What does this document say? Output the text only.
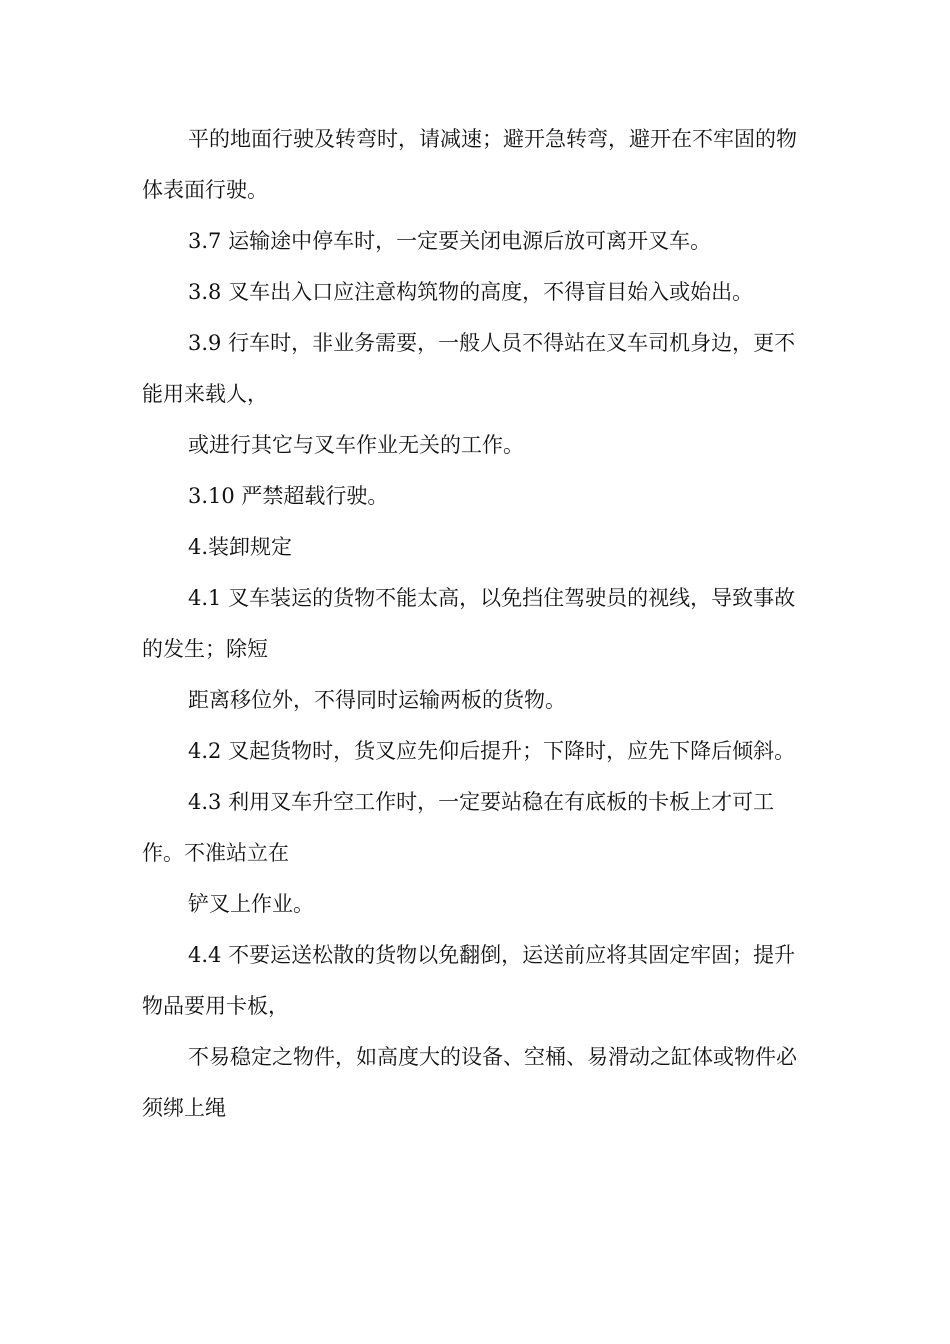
平的地面行驶及转弯时，请减速；避开急转弯，避开在不牢固的物体表面行驶。

3.7 运输途中停车时，一定要关闭电源后放可离开叉车。

3.8 叉车出入口应注意构筑物的高度，不得盲目始入或始出。

3.9 行车时，非业务需要，一般人员不得站在叉车司机身边，更不能用来载人，

或进行其它与叉车作业无关的工作。

3.10 严禁超载行驶。

4.装卸规定

4.1 叉车装运的货物不能太高，以免挡住驾驶员的视线，导致事故的发生；除短

距离移位外，不得同时运输两板的货物。

4.2 叉起货物时，货叉应先仰后提升；下降时，应先下降后倾斜。

4.3 利用叉车升空工作时，一定要站稳在有底板的卡板上才可工作。不准站立在

铲叉上作业。

4.4 不要运送松散的货物以免翻倒，运送前应将其固定牢固；提升物品要用卡板，

不易稳定之物件，如高度大的设备、空桶、易滑动之缸体或物件必须绑上绳
